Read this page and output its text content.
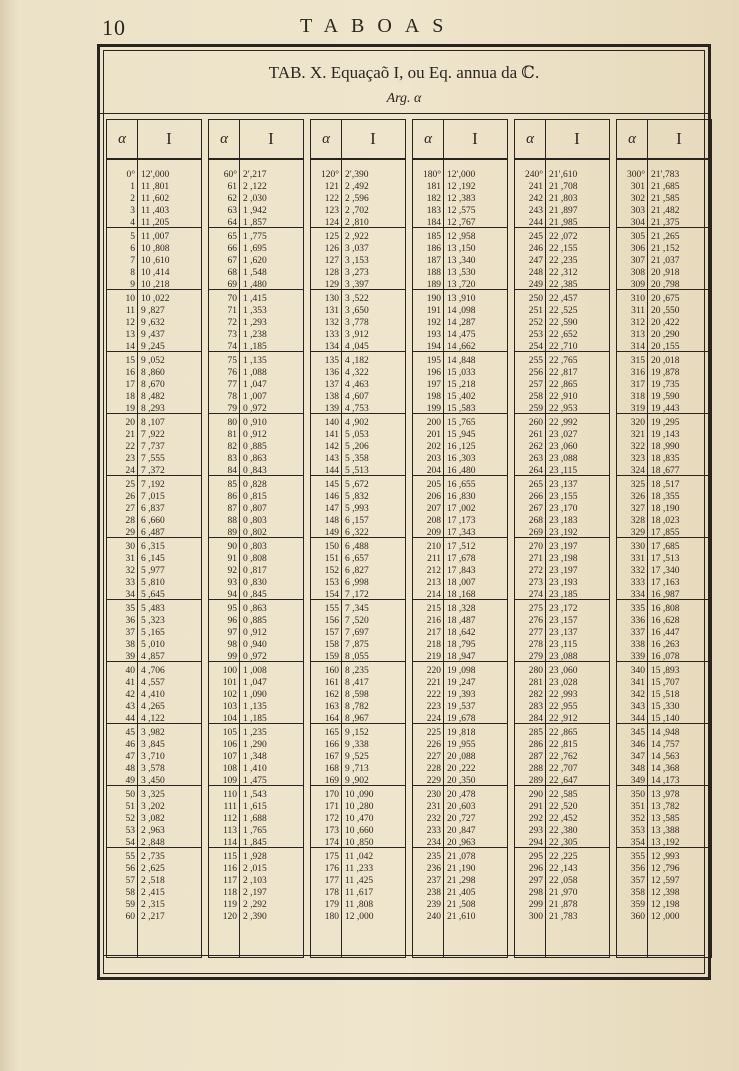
10	TABOAS
TAB. X. Equaçaõ I, ou Eq. annua da ℂ.
Arg. α
α	I
0° 12′,000
1 11 ,801
2 11 ,602
3 11 ,403
4 11 ,205
5 11 ,007
6 10 ,808
7 10 ,610
8 10 ,414
9 10 ,218
10 10 ,022
11 9 ,827
12 9 ,632
13 9 ,437
14 9 ,245
15 9 ,052
16 8 ,860
17 8 ,670
18 8 ,482
19 8 ,293
20 8 ,107
21 7 ,922
22 7 ,737
23 7 ,555
24 7 ,372
25 7 ,192
26 7 ,015
27 6 ,837
28 6 ,660
29 6 ,487
30 6 ,315
31 6 ,145
32 5 ,977
33 5 ,810
34 5 ,645
35 5 ,483
36 5 ,323
37 5 ,165
38 5 ,010
39 4 ,857
40 4 ,706
41 4 ,557
42 4 ,410
43 4 ,265
44 4 ,122
45 3 ,982
46 3 ,845
47 3 ,710
48 3 ,578
49 3 ,450
50 3 ,325
51 3 ,202
52 3 ,082
53 2 ,963
54 2 ,848
55 2 ,735
56 2 ,625
57 2 ,518
58 2 ,415
59 2 ,315
60 2 ,217
α	I
60° 2′,217
61 2 ,122
62 2 ,030
63 1 ,942
64 1 ,857
65 1 ,775
66 1 ,695
67 1 ,620
68 1 ,548
69 1 ,480
70 1 ,415
71 1 ,353
72 1 ,293
73 1 ,238
74 1 ,185
75 1 ,135
76 1 ,088
77 1 ,047
78 1 ,007
79 0 ,972
80 0 ,910
81 0 ,912
82 0 ,885
83 0 ,863
84 0 ,843
85 0 ,828
86 0 ,815
87 0 ,807
88 0 ,803
89 0 ,802
90 0 ,803
91 0 ,808
92 0 ,817
93 0 ,830
94 0 ,845
95 0 ,863
96 0 ,885
97 0 ,912
98 0 ,940
99 0 ,972
100 1 ,008
101 1 ,047
102 1 ,090
103 1 ,135
104 1 ,185
105 1 ,235
106 1 ,290
107 1 ,348
108 1 ,410
109 1 ,475
110 1 ,543
111 1 ,615
112 1 ,688
113 1 ,765
114 1 ,845
115 1 ,928
116 2 ,015
117 2 ,103
118 2 ,197
119 2 ,292
120 2 ,390
α	I
120° 2′,390
121 2 ,492
122 2 ,596
123 2 ,702
124 2 ,810
125 2 ,922
126 3 ,037
127 3 ,153
128 3 ,273
129 3 ,397
130 3 ,522
131 3 ,650
132 3 ,778
133 3 ,912
134 4 ,045
135 4 ,182
136 4 ,322
137 4 ,463
138 4 ,607
139 4 ,753
140 4 ,902
141 5 ,053
142 5 ,206
143 5 ,358
144 5 ,513
145 5 ,672
146 5 ,832
147 5 ,993
148 6 ,157
149 6 ,322
150 6 ,488
151 6 ,657
152 6 ,827
153 6 ,998
154 7 ,172
155 7 ,345
156 7 ,520
157 7 ,697
158 7 ,875
159 8 ,055
160 8 ,235
161 8 ,417
162 8 ,598
163 8 ,782
164 8 ,967
165 9 ,152
166 9 ,338
167 9 ,525
168 9 ,713
169 9 ,902
170 10 ,090
171 10 ,280
172 10 ,470
173 10 ,660
174 10 ,850
175 11 ,042
176 11 ,233
177 11 ,425
178 11 ,617
179 11 ,808
180 12 ,000
α	I
180° 12′,000
181 12 ,192
182 12 ,383
183 12 ,575
184 12 ,767
185 12 ,958
186 13 ,150
187 13 ,340
188 13 ,530
189 13 ,720
190 13 ,910
191 14 ,098
192 14 ,287
193 14 ,475
194 14 ,662
195 14 ,848
196 15 ,033
197 15 ,218
198 15 ,402
199 15 ,583
200 15 ,765
201 15 ,945
202 16 ,125
203 16 ,303
204 16 ,480
205 16 ,655
206 16 ,830
207 17 ,002
208 17 ,173
209 17 ,343
210 17 ,512
211 17 ,678
212 17 ,843
213 18 ,007
214 18 ,168
215 18 ,328
216 18 ,487
217 18 ,642
218 18 ,795
219 18 ,947
220 19 ,098
221 19 ,247
222 19 ,393
223 19 ,537
224 19 ,678
225 19 ,818
226 19 ,955
227 20 ,088
228 20 ,222
229 20 ,350
230 20 ,478
231 20 ,603
232 20 ,727
233 20 ,847
234 20 ,963
235 21 ,078
236 21 ,190
237 21 ,298
238 21 ,405
239 21 ,508
240 21 ,610
α	I
240° 21′,610
241 21 ,708
242 21 ,803
243 21 ,897
244 21 ,985
245 22 ,072
246 22 ,155
247 22 ,235
248 22 ,312
249 22 ,385
250 22 ,457
251 22 ,525
252 22 ,590
253 22 ,652
254 22 ,710
255 22 ,765
256 22 ,817
257 22 ,865
258 22 ,910
259 22 ,953
260 22 ,992
261 23 ,027
262 23 ,060
263 23 ,088
264 23 ,115
265 23 ,137
266 23 ,155
267 23 ,170
268 23 ,183
269 23 ,192
270 23 ,197
271 23 ,198
272 23 ,197
273 23 ,193
274 23 ,185
275 23 ,172
276 23 ,157
277 23 ,137
278 23 ,115
279 23 ,088
280 23 ,060
281 23 ,028
282 22 ,993
283 22 ,955
284 22 ,912
285 22 ,865
286 22 ,815
287 22 ,762
288 22 ,707
289 22 ,647
290 22 ,585
291 22 ,520
292 22 ,452
293 22 ,380
294 22 ,305
295 22 ,225
296 22 ,143
297 22 ,058
298 21 ,970
299 21 ,878
300 21 ,783
α	I
300° 21′,783
301 21 ,685
302 21 ,585
303 21 ,482
304 21 ,375
305 21 ,265
306 21 ,152
307 21 ,037
308 20 ,918
309 20 ,798
310 20 ,675
311 20 ,550
312 20 ,422
313 20 ,290
314 20 ,155
315 20 ,018
316 19 ,878
317 19 ,735
318 19 ,590
319 19 ,443
320 19 ,295
321 19 ,143
322 18 ,990
323 18 ,835
324 18 ,677
325 18 ,517
326 18 ,355
327 18 ,190
328 18 ,023
329 17 ,855
330 17 ,685
331 17 ,513
332 17 ,340
333 17 ,163
334 16 ,987
335 16 ,808
336 16 ,628
337 16 ,447
338 16 ,263
339 16 ,078
340 15 ,893
341 15 ,707
342 15 ,518
343 15 ,330
344 15 ,140
345 14 ,948
346 14 ,757
347 14 ,563
348 14 ,368
349 14 ,173
350 13 ,978
351 13 ,782
352 13 ,585
353 13 ,388
354 13 ,192
355 12 ,993
356 12 ,796
357 12 ,597
358 12 ,398
359 12 ,198
360 12 ,000
